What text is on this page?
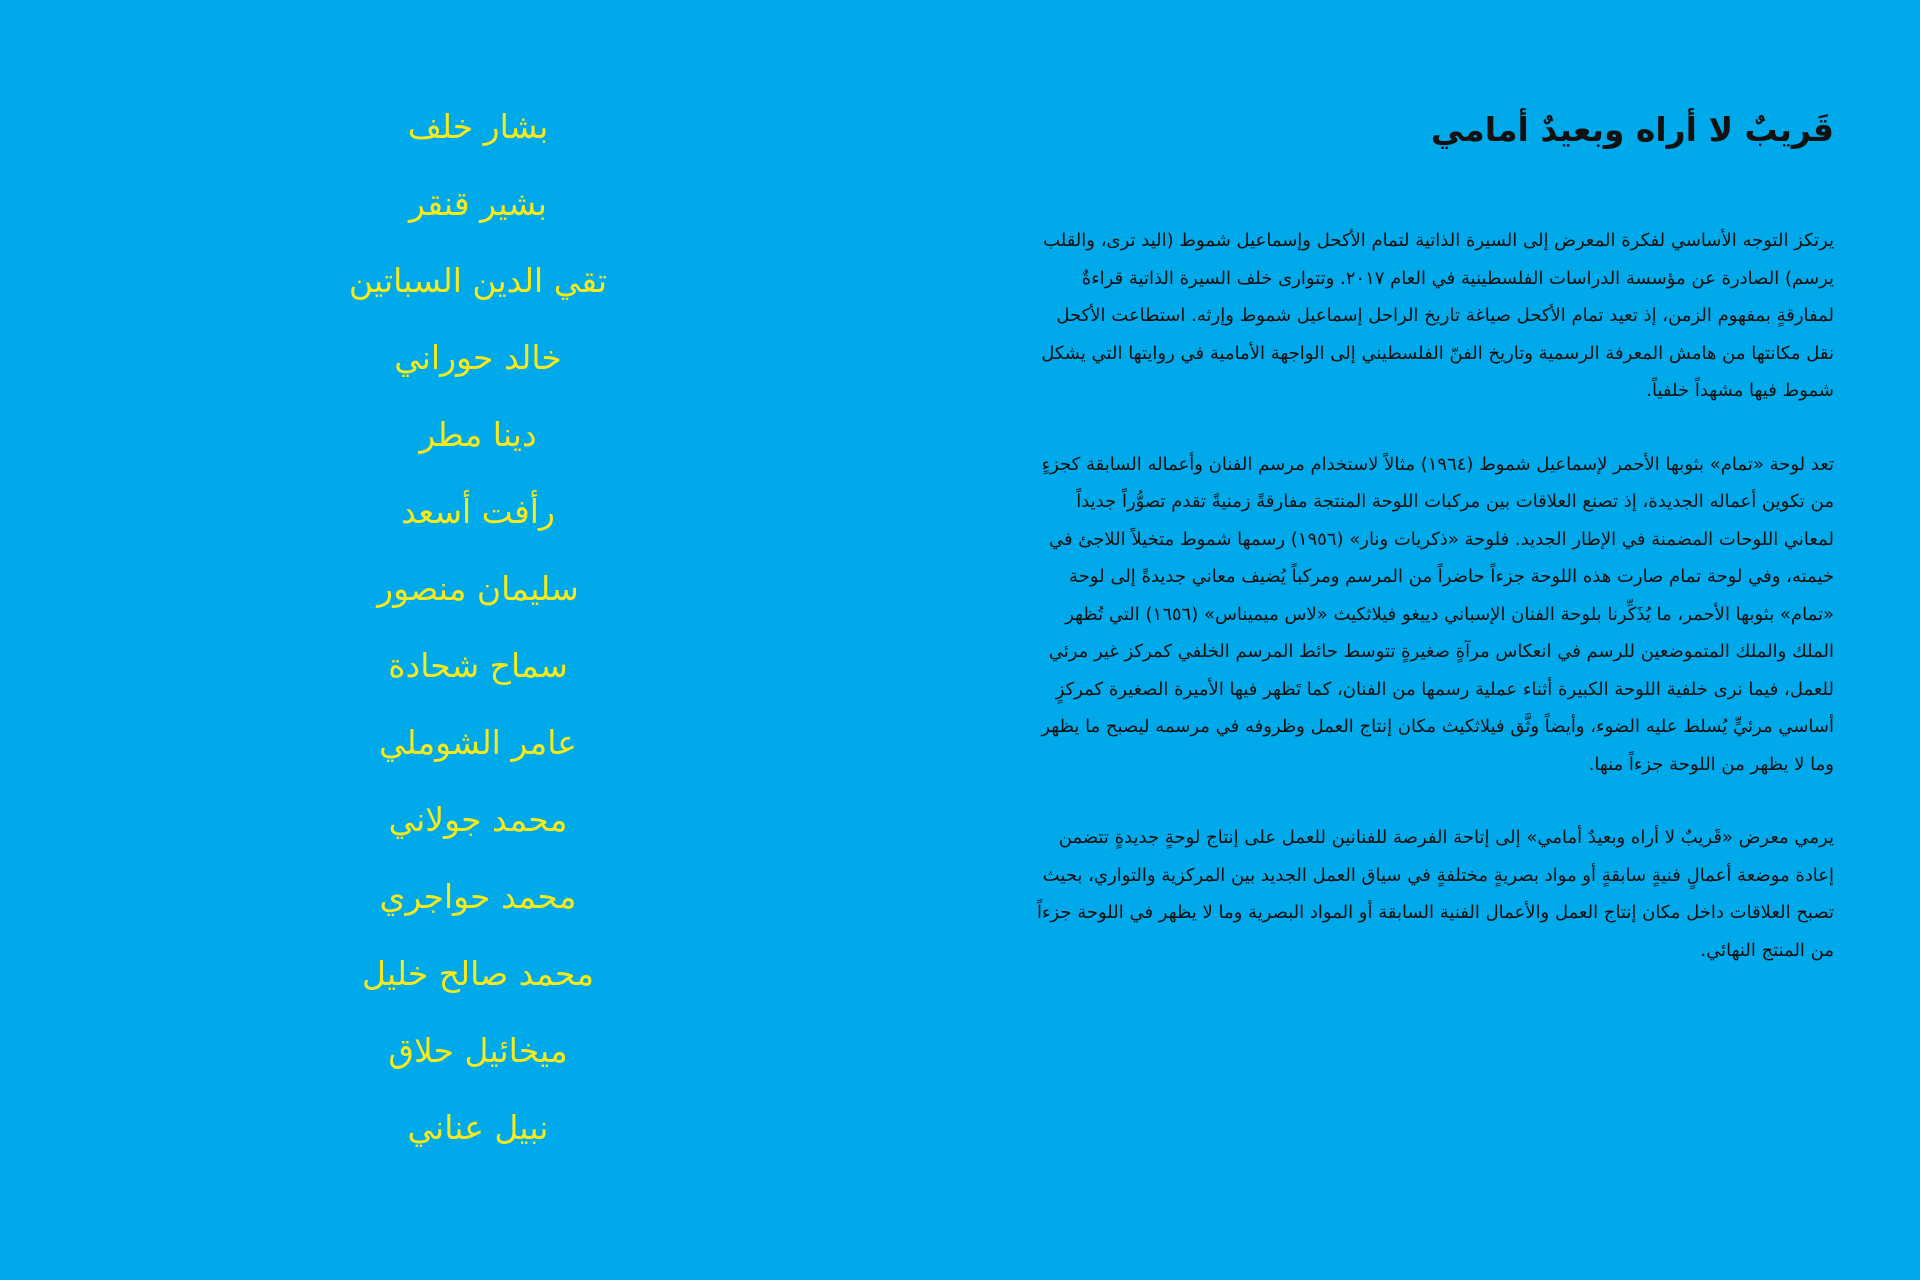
قَريبٌ لا أراه وبعيدٌ أمامي

يرتكز التوجه الأساسي لفكرة المعرض إلى السيرة الذاتية لتمام الأكحل وإسماعيل شموط (اليد ترى، والقلب يرسم) الصادرة عن مؤسسة الدراسات الفلسطينية في العام ٢٠١٧. وتتوارى خلف السيرة الذاتية قراءةٌ لمفارقةٍ بمفهوم الزمن، إذ تعيد تمام الأكحل صياغة تاريخ الراحل إسماعيل شموط وإرثه. استطاعت الأكحل نقل مكانتها من هامش المعرفة الرسمية وتاريخ الفنّ الفلسطيني إلى الواجهة الأمامية في روايتها التي يشكل شموط فيها مشهداً خلفياً.

تعد لوحة «تمام» بثوبها الأحمر لإسماعيل شموط (١٩٦٤) مثالاً لاستخدام مرسم الفنان وأعماله السابقة كجزءٍ من تكوين أعماله الجديدة، إذ تصنع العلاقات بين مركبات اللوحة المنتجة مفارقةً زمنيةً تقدم تصوُّراً جديداً لمعاني اللوحات المضمنة في الإطار الجديد. فلوحة «ذكريات ونار» (١٩٥٦) رسمها شموط متخيلاً اللاجئ في خيمته، وفي لوحة تمام صارت هذه اللوحة جزءاً حاضراً من المرسم ومركباً يُضيف معاني جديدةً إلى لوحة «تمام» بثوبها الأحمر، ما يُذَكِّرنا بلوحة الفنان الإسباني دييغو فيلاثكيث «لاس ميميناس» (١٦٥٦) التي تُظهر الملك والملك المتموضعين للرسم في انعكاس مرآةٍ صغيرةٍ تتوسط حائط المرسم الخلفي كمركز غير مرئي للعمل، فيما نرى خلفية اللوحة الكبيرة أثناء عملية رسمها من الفنان، كما تَظهر فيها الأميرة الصغيرة كمركزٍ أساسي مرئيٍّ يُسلط عليه الضوء، وأيضاً وثَّق فيلاثكيث مكان إنتاج العمل وظروفه في مرسمه ليصبح ما يظهر وما لا يظهر من اللوحة جزءاً منها.

يرمي معرض «قَريبٌ لا أراه وبعيدٌ أمامي» إلى إتاحة الفرصة للفنانين للعمل على إنتاج لوحةٍ جديدةٍ تتضمن إعادة موضعة أعمالٍ فنيةٍ سابقةٍ أو مواد بصريةٍ مختلفةٍ في سياق العمل الجديد بين المركزية والتواري، بحيث تصبح العلاقات داخل مكان إنتاج العمل والأعمال الفنية السابقة أو المواد البصرية وما لا يظهر في اللوحة جزءاً من المنتج النهائي.

بشار خلف
بشير قنقر
تقي الدين السباتين
خالد حوراني
دينا مطر
رأفت أسعد
سليمان منصور
سماح شحادة
عامر الشوملي
محمد جولاني
محمد حواجري
محمد صالح خليل
ميخائيل حلاق
نبيل عناني
